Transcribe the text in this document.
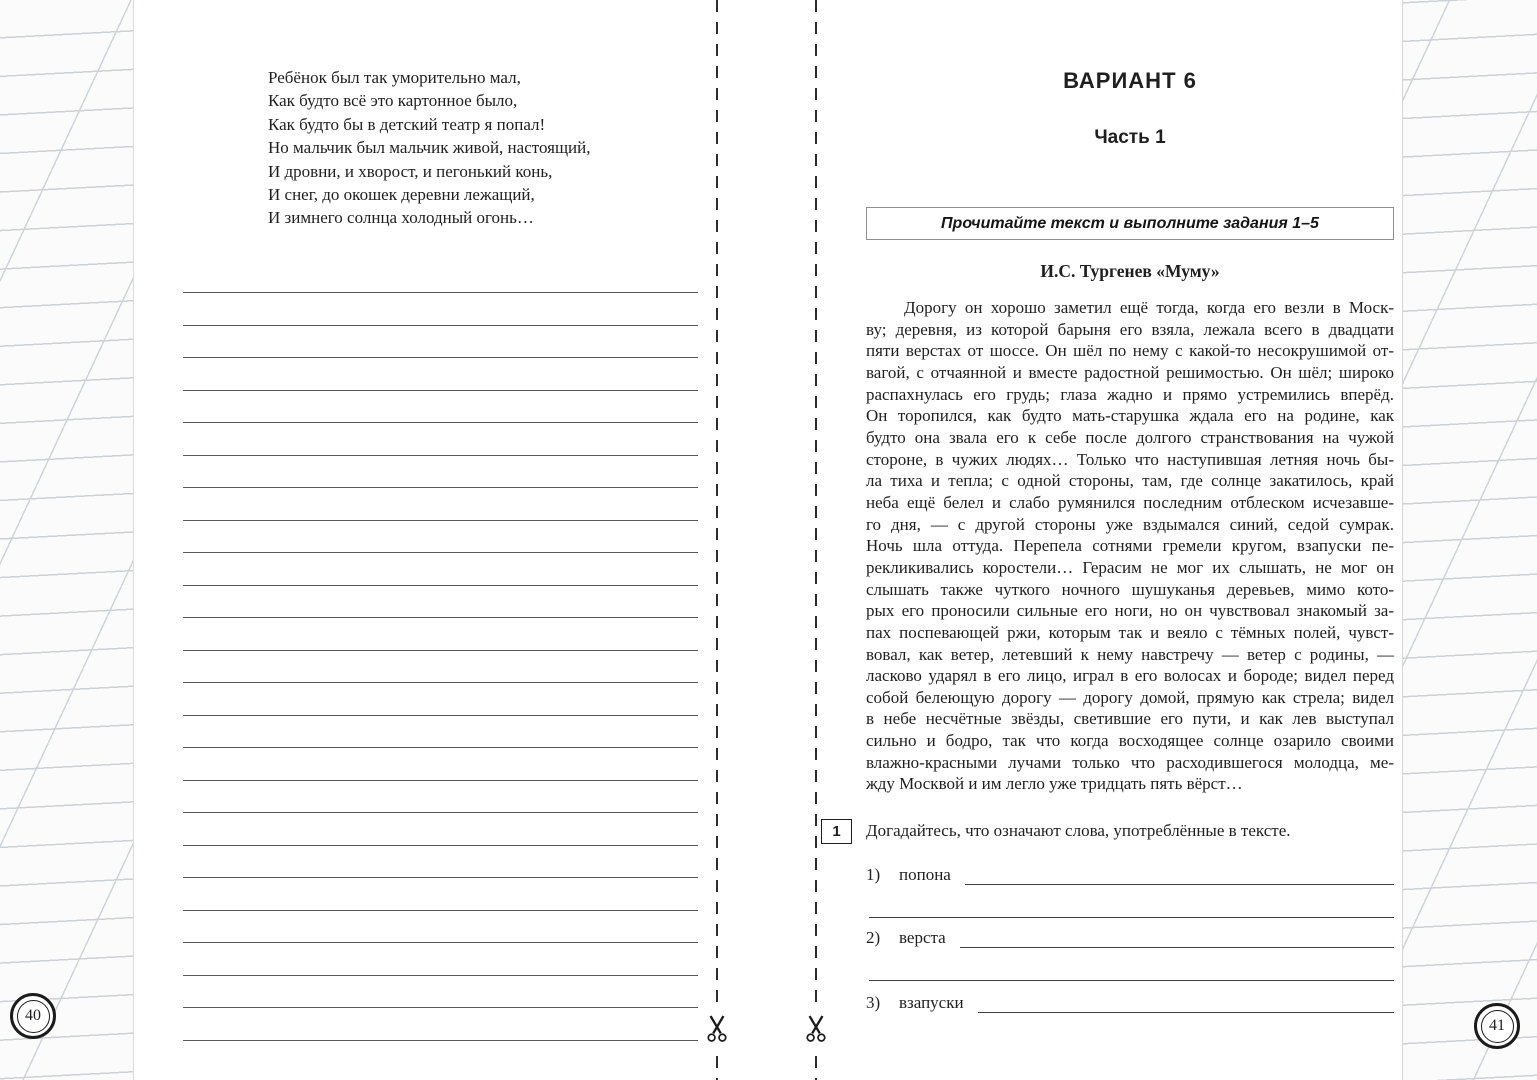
Ребёнок был так уморительно мал,
Как будто всё это картонное было,
Как будто бы в детский театр я попал!
Но мальчик был мальчик живой, настоящий,
И дровни, и хворост, и пегонький конь,
И снег, до окошек деревни лежащий,
И зимнего солнца холодный огонь…
40
ВАРИАНТ 6
Часть 1
Прочитайте текст и выполните задания 1–5
И.С. Тургенев «Муму»
Дорогу он хорошо заметил ещё тогда, когда его везли в Моск-
ву; деревня, из которой барыня его взяла, лежала всего в двадцати
пяти верстах от шоссе. Он шёл по нему с какой-то несокрушимой от-
вагой, с отчаянной и вместе радостной решимостью. Он шёл; широко
распахнулась его грудь; глаза жадно и прямо устремились вперёд.
Он торопился, как будто мать-старушка ждала его на родине, как
будто она звала его к себе после долгого странствования на чужой
стороне, в чужих людях… Только что наступившая летняя ночь бы-
ла тиха и тепла; с одной стороны, там, где солнце закатилось, край
неба ещё белел и слабо румянился последним отблеском исчезавше-
го дня, — с другой стороны уже вздымался синий, седой сумрак.
Ночь шла оттуда. Перепела сотнями гремели кругом, взапуски пе-
рекликивались коростели… Герасим не мог их слышать, не мог он
слышать также чуткого ночного шушуканья деревьев, мимо кото-
рых его проносили сильные его ноги, но он чувствовал знакомый за-
пах поспевающей ржи, которым так и веяло с тёмных полей, чувст-
вовал, как ветер, летевший к нему навстречу — ветер с родины, —
ласково ударял в его лицо, играл в его волосах и бороде; видел перед
собой белеющую дорогу — дорогу домой, прямую как стрела; видел
в небе несчётные звёзды, светившие его пути, и как лев выступал
сильно и бодро, так что когда восходящее солнце озарило своими
влажно-красными лучами только что расходившегося молодца, ме-
жду Москвой и им легло уже тридцать пять вёрст…
1 Догадайтесь, что означают слова, употреблённые в тексте.
1)	попона
2)	верста
3)	взапуски
41
